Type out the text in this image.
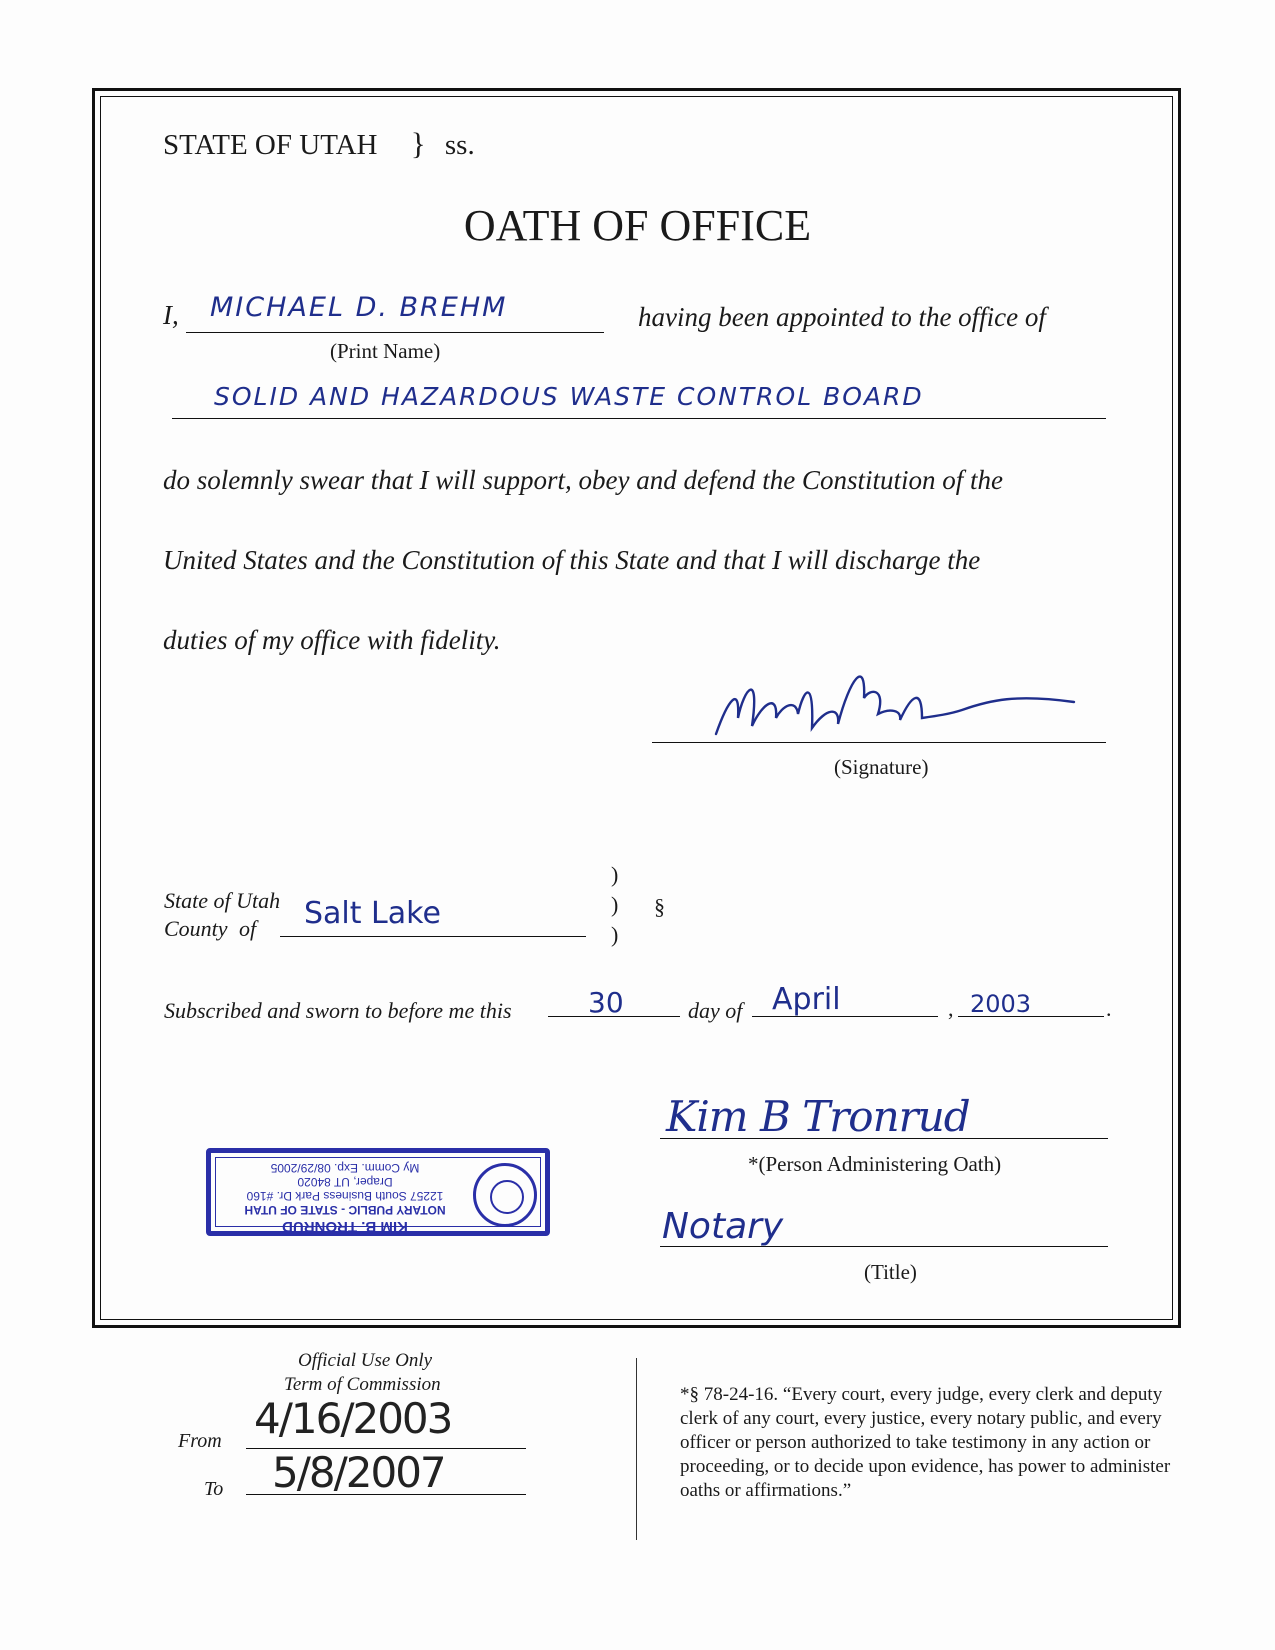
STATE OF UTAH } ss.
OATH OF OFFICE
I, MICHAEL D. BREHM	having been appointed to the office of
(Print Name)
SOLID AND HAZARDOUS WASTE CONTROL BOARD
do solemnly swear that I will support, obey and defend the Constitution of the
United States and the Constitution of this State and that I will discharge the
duties of my office with fidelity.
(Signature)
State of Utah
County of Salt Lake
)
)
)
§
Subscribed and sworn to before me this	30	day of April	, 2003	.
Kim B Tronrud
*(Person Administering Oath)
Notary
(Title)
KIM B. TRONRUD
NOTARY PUBLIC - STATE OF UTAH
12257 South Business Park Dr. #160
Draper, UT 84020
My Comm. Exp. 08/29/2005
Official Use Only
Term of Commission
From 4/16/2003
To 5/8/2007
*§ 78-24-16. “Every court, every judge, every clerk and deputy clerk of any court, every justice, every notary public, and every officer or person authorized to take testimony in any action or proceeding, or to decide upon evidence, has power to administer oaths or affirmations.”
